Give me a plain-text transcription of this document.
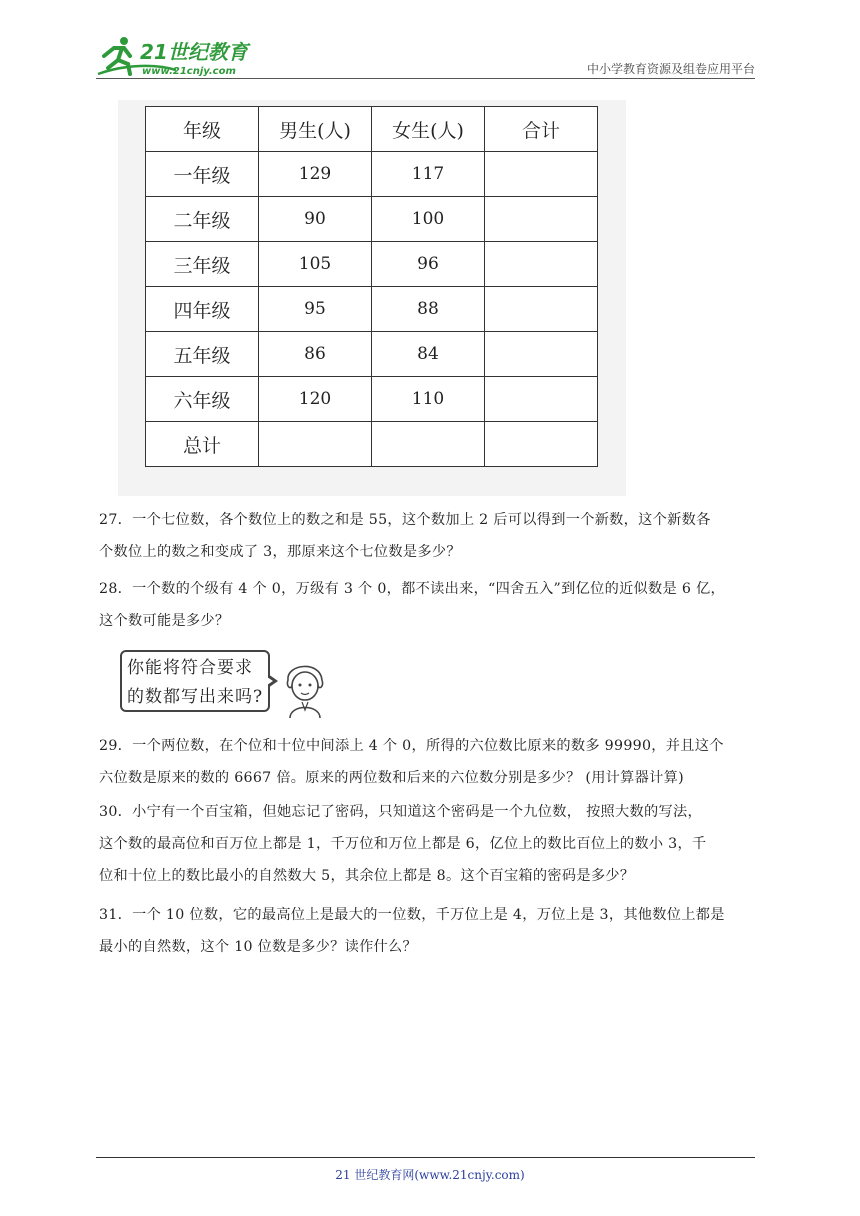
21世纪教育
www.21cnjy.com	中小学教育资源及组卷应用平台
年级	男生(人)	女生(人)	合计
一年级	129	117	
二年级	90	100	
三年级	105	96	
四年级	95	88	
五年级	86	84	
六年级	120	110	
总计			

27．一个七位数，各个数位上的数之和是 55，这个数加上 2 后可以得到一个新数，这个新数各

个数位上的数之和变成了 3，那原来这个七位数是多少？

28．一个数的个级有 4 个 0，万级有 3 个 0，都不读出来，“四舍五入”到亿位的近似数是 6 亿，

这个数可能是多少？

你能将符合要求
的数都写出来吗?

29．一个两位数，在个位和十位中间添上 4 个 0，所得的六位数比原来的数多 99990，并且这个

六位数是原来的数的 6667 倍。原来的两位数和后来的六位数分别是多少？ (用计算器计算)

30．小宁有一个百宝箱，但她忘记了密码，只知道这个密码是一个九位数， 按照大数的写法，

这个数的最高位和百万位上都是 1，千万位和万位上都是 6，亿位上的数比百位上的数小 3，千

位和十位上的数比最小的自然数大 5，其余位上都是 8。这个百宝箱的密码是多少？

31．一个 10 位数，它的最高位上是最大的一位数，千万位上是 4，万位上是 3，其他数位上都是

最小的自然数，这个 10 位数是多少？读作什么？

21 世纪教育网(www.21cnjy.com)
